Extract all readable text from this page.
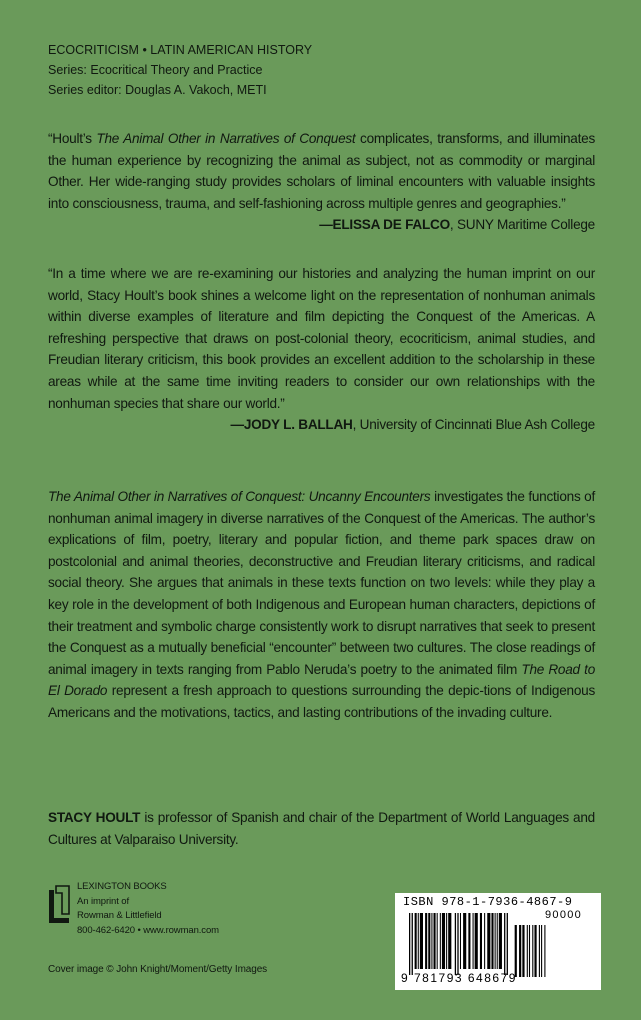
ECOCRITICISM • LATIN AMERICAN HISTORY
Series: Ecocritical Theory and Practice
Series editor: Douglas A. Vakoch, METI

“Hoult’s The Animal Other in Narratives of Conquest complicates, transforms, and illuminates the human experience by recognizing the animal as subject, not as commodity or marginal Other. Her wide-ranging study provides scholars of liminal encounters with valuable insights into consciousness, trauma, and self-fashioning across multiple genres and geographies.”

—ELISSA DE FALCO, SUNY Maritime College

“In a time where we are re-examining our histories and analyzing the human imprint on our world, Stacy Hoult’s book shines a welcome light on the representation of nonhuman animals within diverse examples of literature and film depicting the Conquest of the Americas. A refreshing perspective that draws on post-colonial theory, ecocriticism, animal studies, and Freudian literary criticism, this book provides an excellent addition to the scholarship in these areas while at the same time inviting readers to consider our own relationships with the nonhuman species that share our world.”

—JODY L. BALLAH, University of Cincinnati Blue Ash College

The Animal Other in Narratives of Conquest: Uncanny Encounters investigates the functions of nonhuman animal imagery in diverse narratives of the Conquest of the Americas. The author’s explications of film, poetry, literary and popular fiction, and theme park spaces draw on postcolonial and animal theories, deconstructive and Freudian literary criticisms, and radical social theory. She argues that animals in these texts function on two levels: while they play a key role in the development of both Indigenous and European human characters, depictions of their treatment and symbolic charge consistently work to disrupt narratives that seek to present the Conquest as a mutually beneficial “encounter” between two cultures. The close readings of animal imagery in texts ranging from Pablo Neruda’s poetry to the animated film The Road to El Dorado represent a fresh approach to questions surrounding the depic-tions of Indigenous Americans and the motivations, tactics, and lasting contributions of the invading culture.

STACY HOULT is professor of Spanish and chair of the Department of World Languages and Cultures at Valparaiso University.

LEXINGTON BOOKS
An imprint of
Rowman & Littlefield
800-462-6420 • www.rowman.com
Cover image © John Knight/Moment/Getty Images
ISBN 978-1-7936-4867-9
90000
9 781793 648679
